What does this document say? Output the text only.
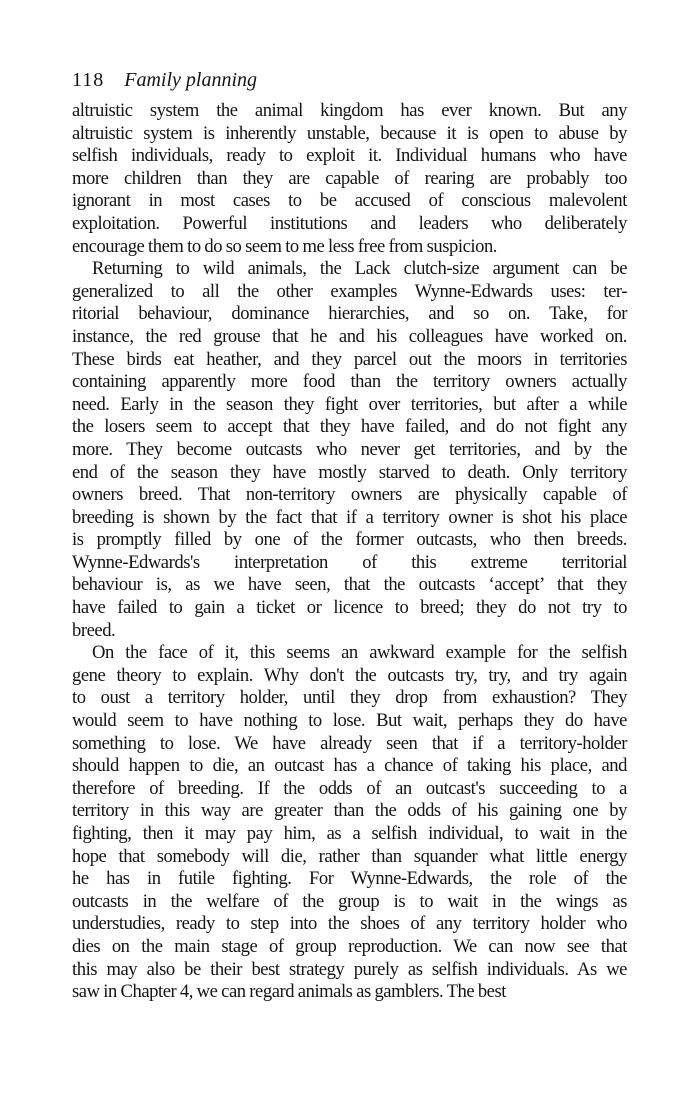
118 Family planning
altruistic system the animal kingdom has ever known. But any
altruistic system is inherently unstable, because it is open to abuse by
selfish individuals, ready to exploit it. Individual humans who have
more children than they are capable of rearing are probably too
ignorant in most cases to be accused of conscious malevolent
exploitation. Powerful institutions and leaders who deliberately
encourage them to do so seem to me less free from suspicion.
Returning to wild animals, the Lack clutch-size argument can be
generalized to all the other examples Wynne-Edwards uses: ter-
ritorial behaviour, dominance hierarchies, and so on. Take, for
instance, the red grouse that he and his colleagues have worked on.
These birds eat heather, and they parcel out the moors in territories
containing apparently more food than the territory owners actually
need. Early in the season they fight over territories, but after a while
the losers seem to accept that they have failed, and do not fight any
more. They become outcasts who never get territories, and by the
end of the season they have mostly starved to death. Only territory
owners breed. That non-territory owners are physically capable of
breeding is shown by the fact that if a territory owner is shot his place
is promptly filled by one of the former outcasts, who then breeds.
Wynne-Edwards's interpretation of this extreme territorial
behaviour is, as we have seen, that the outcasts ‘accept’ that they
have failed to gain a ticket or licence to breed; they do not try to
breed.
On the face of it, this seems an awkward example for the selfish
gene theory to explain. Why don't the outcasts try, try, and try again
to oust a territory holder, until they drop from exhaustion? They
would seem to have nothing to lose. But wait, perhaps they do have
something to lose. We have already seen that if a territory-holder
should happen to die, an outcast has a chance of taking his place, and
therefore of breeding. If the odds of an outcast's succeeding to a
territory in this way are greater than the odds of his gaining one by
fighting, then it may pay him, as a selfish individual, to wait in the
hope that somebody will die, rather than squander what little energy
he has in futile fighting. For Wynne-Edwards, the role of the
outcasts in the welfare of the group is to wait in the wings as
understudies, ready to step into the shoes of any territory holder who
dies on the main stage of group reproduction. We can now see that
this may also be their best strategy purely as selfish individuals. As we
saw in Chapter 4, we can regard animals as gamblers. The best
